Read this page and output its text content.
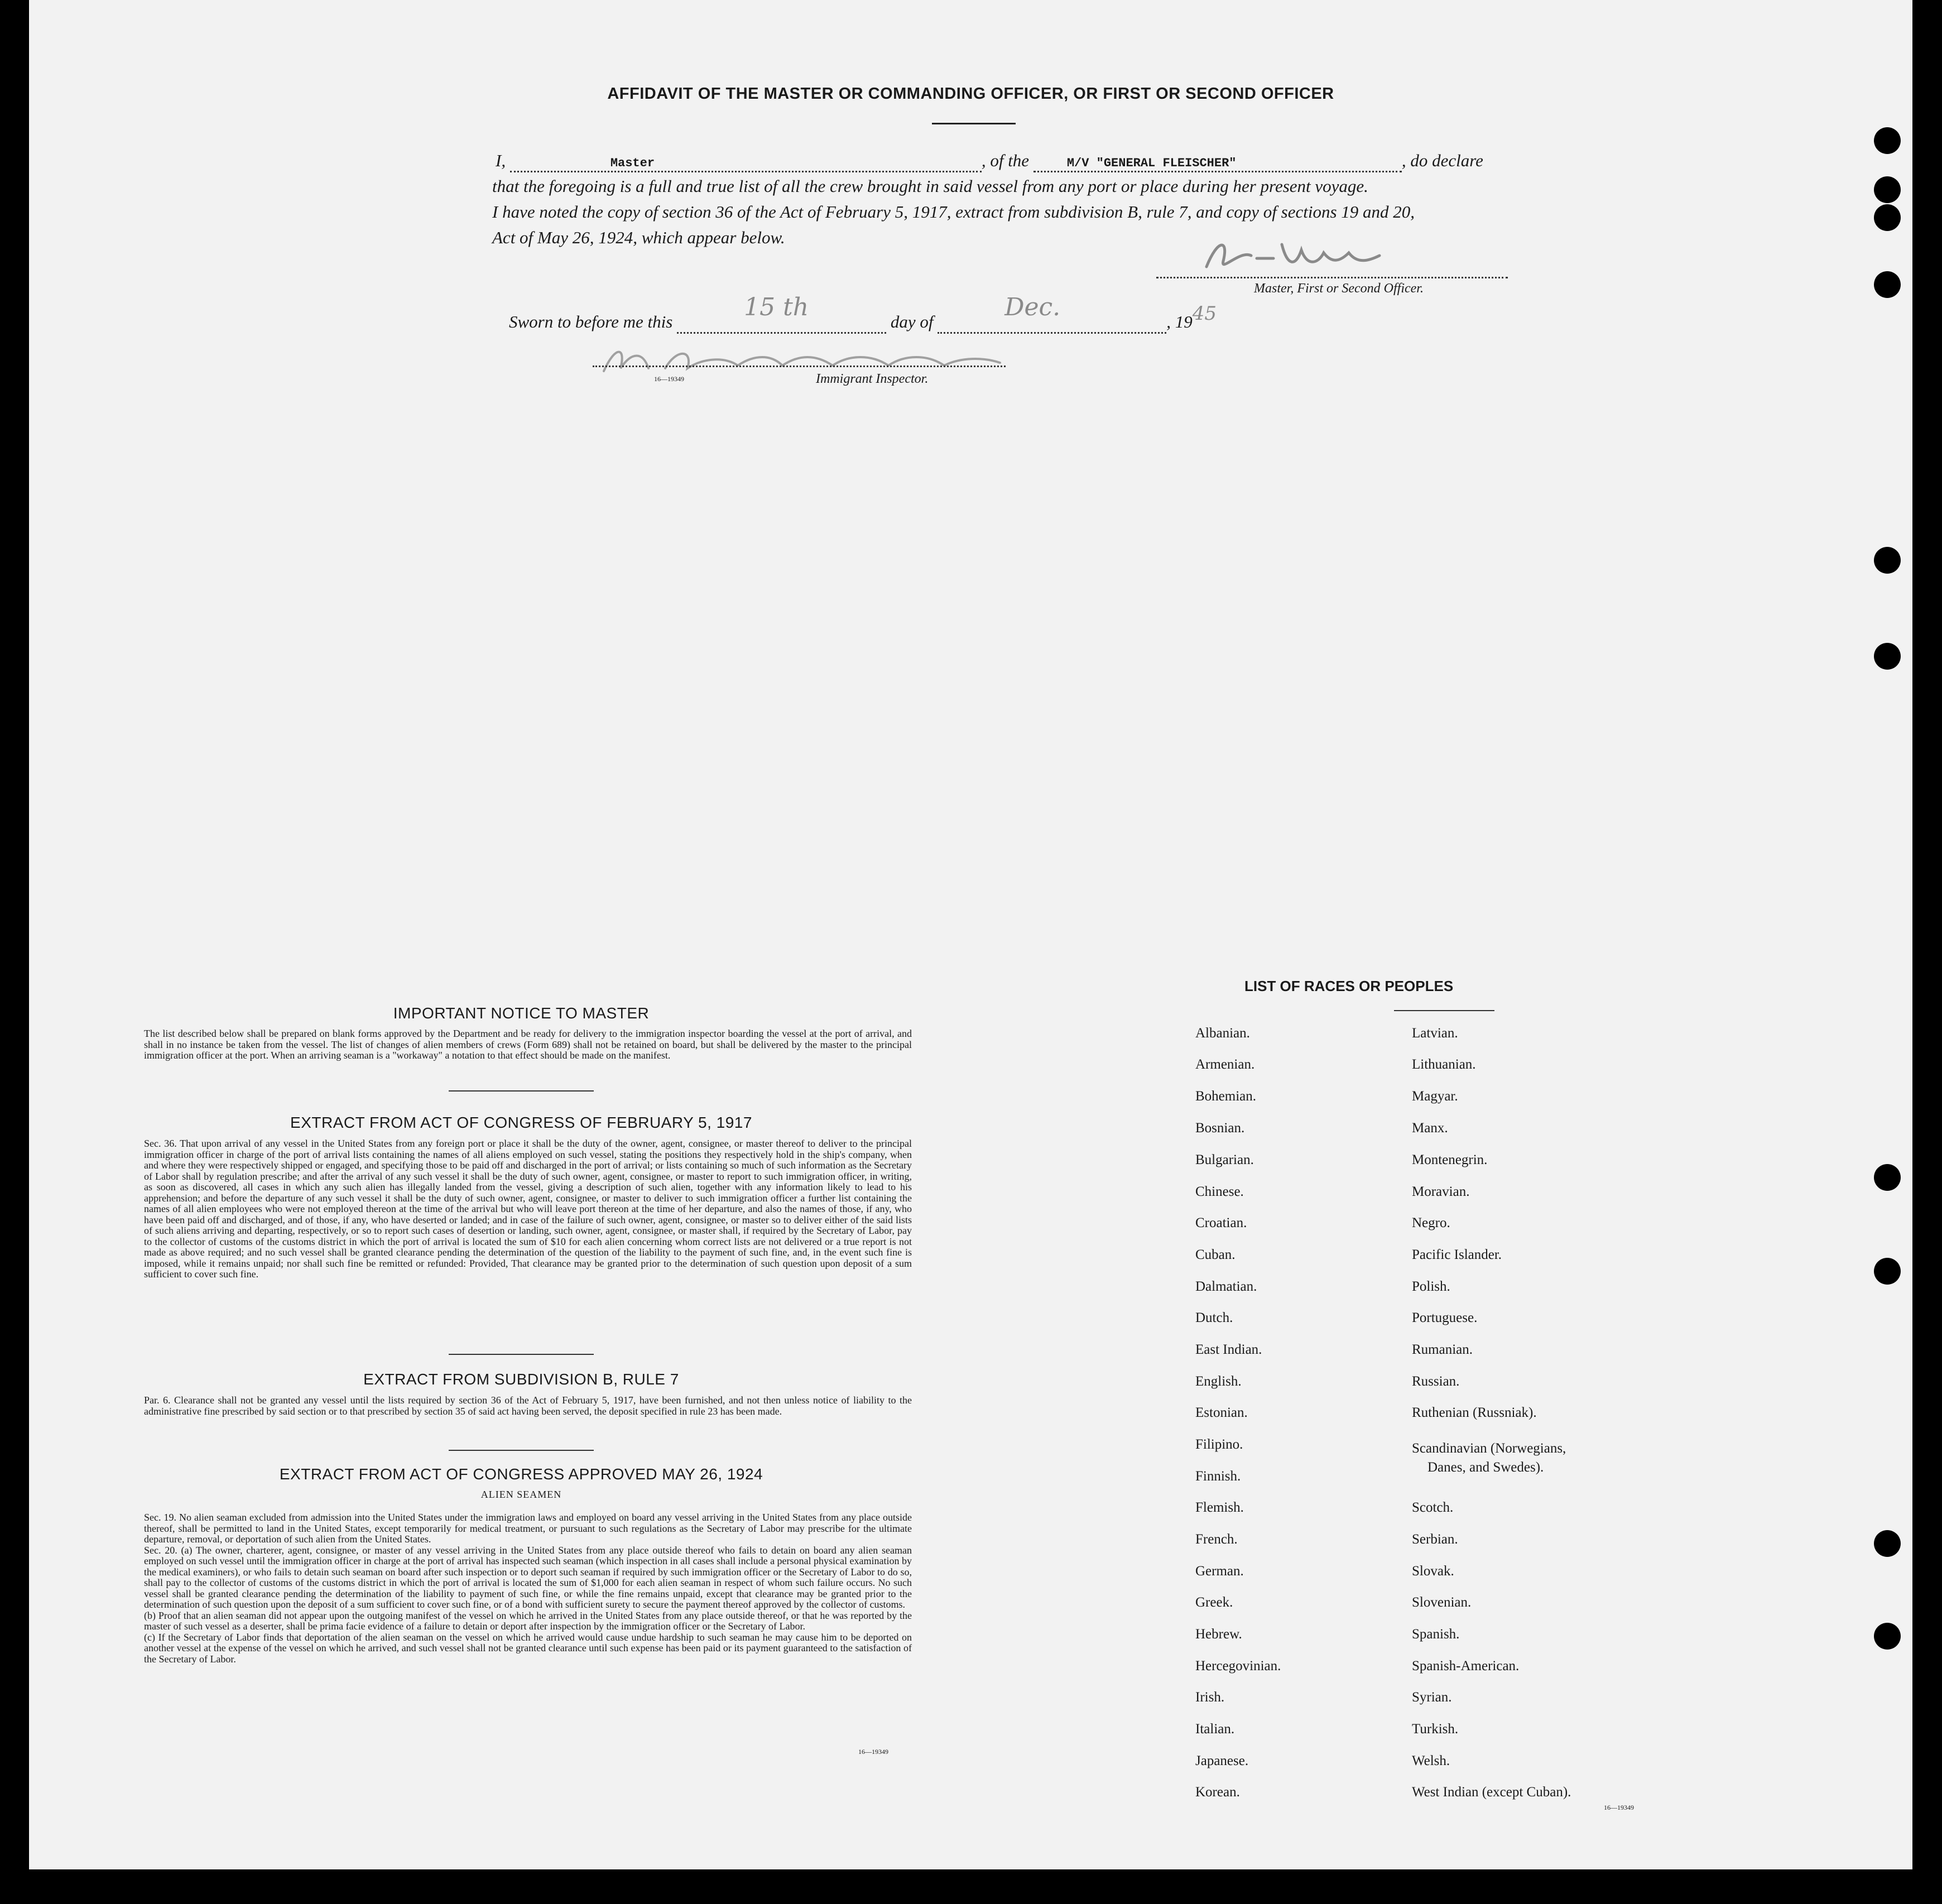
AFFIDAVIT OF THE MASTER OR COMMANDING OFFICER, OR FIRST OR SECOND OFFICER
I,	Master	, of the	M/V "GENERAL FLEISCHER"	, do declare
that the foregoing is a full and true list of all the crew brought in said vessel from any port or place during her present voyage.
I have noted the copy of section 36 of the Act of February 5, 1917, extract from subdivision B, rule 7, and copy of sections 19 and 20,
Act of May 26, 1924, which appear below.
Master, First or Second Officer.
Sworn to before me this
15 th
day of
Dec.
, 1945
16—19349	Immigrant Inspector.
IMPORTANT NOTICE TO MASTER
The list described below shall be prepared on blank forms approved by the Department and be ready for delivery to the immigration inspector boarding the vessel at the port of arrival, and shall in no instance be taken from the vessel. The list of changes of alien members of crews (Form 689) shall not be retained on board, but shall be delivered by the master to the principal immigration officer at the port. When an arriving seaman is a "workaway" a notation to that effect should be made on the manifest.
EXTRACT FROM ACT OF CONGRESS OF FEBRUARY 5, 1917
Sec. 36. That upon arrival of any vessel in the United States from any foreign port or place it shall be the duty of the owner, agent, consignee, or master thereof to deliver to the principal immigration officer in charge of the port of arrival lists containing the names of all aliens employed on such vessel, stating the positions they respectively hold in the ship's company, when and where they were respectively shipped or engaged, and specifying those to be paid off and discharged in the port of arrival; or lists containing so much of such information as the Secretary of Labor shall by regulation prescribe; and after the arrival of any such vessel it shall be the duty of such owner, agent, consignee, or master to report to such immigration officer, in writing, as soon as discovered, all cases in which any such alien has illegally landed from the vessel, giving a description of such alien, together with any information likely to lead to his apprehension; and before the departure of any such vessel it shall be the duty of such owner, agent, consignee, or master to deliver to such immigration officer a further list containing the names of all alien employees who were not employed thereon at the time of the arrival but who will leave port thereon at the time of her departure, and also the names of those, if any, who have been paid off and discharged, and of those, if any, who have deserted or landed; and in case of the failure of such owner, agent, consignee, or master so to deliver either of the said lists of such aliens arriving and departing, respectively, or so to report such cases of desertion or landing, such owner, agent, consignee, or master shall, if required by the Secretary of Labor, pay to the collector of customs of the customs district in which the port of arrival is located the sum of $10 for each alien concerning whom correct lists are not delivered or a true report is not made as above required; and no such vessel shall be granted clearance pending the determination of the question of the liability to the payment of such fine, and, in the event such fine is imposed, while it remains unpaid; nor shall such fine be remitted or refunded: Provided, That clearance may be granted prior to the determination of such question upon deposit of a sum sufficient to cover such fine.
EXTRACT FROM SUBDIVISION B, RULE 7
Par. 6. Clearance shall not be granted any vessel until the lists required by section 36 of the Act of February 5, 1917, have been furnished, and not then unless notice of liability to the administrative fine prescribed by said section or to that prescribed by section 35 of said act having been served, the deposit specified in rule 23 has been made.
EXTRACT FROM ACT OF CONGRESS APPROVED MAY 26, 1924
ALIEN SEAMEN
Sec. 19. No alien seaman excluded from admission into the United States under the immigration laws and employed on board any vessel arriving in the United States from any place outside thereof, shall be permitted to land in the United States, except temporarily for medical treatment, or pursuant to such regulations as the Secretary of Labor may prescribe for the ultimate departure, removal, or deportation of such alien from the United States.
Sec. 20. (a) The owner, charterer, agent, consignee, or master of any vessel arriving in the United States from any place outside thereof who fails to detain on board any alien seaman employed on such vessel until the immigration officer in charge at the port of arrival has inspected such seaman (which inspection in all cases shall include a personal physical examination by the medical examiners), or who fails to detain such seaman on board after such inspection or to deport such seaman if required by such immigration officer or the Secretary of Labor to do so, shall pay to the collector of customs of the customs district in which the port of arrival is located the sum of $1,000 for each alien seaman in respect of whom such failure occurs. No such vessel shall be granted clearance pending the determination of the liability to payment of such fine, or while the fine remains unpaid, except that clearance may be granted prior to the determination of such question upon the deposit of a sum sufficient to cover such fine, or of a bond with sufficient surety to secure the payment thereof approved by the collector of customs.
(b) Proof that an alien seaman did not appear upon the outgoing manifest of the vessel on which he arrived in the United States from any place outside thereof, or that he was reported by the master of such vessel as a deserter, shall be prima facie evidence of a failure to detain or deport after inspection by the immigration officer or the Secretary of Labor.
(c) If the Secretary of Labor finds that deportation of the alien seaman on the vessel on which he arrived would cause undue hardship to such seaman he may cause him to be deported on another vessel at the expense of the vessel on which he arrived, and such vessel shall not be granted clearance until such expense has been paid or its payment guaranteed to the satisfaction of the Secretary of Labor.
16—19349
LIST OF RACES OR PEOPLES
Albanian.
Armenian.
Bohemian.
Bosnian.
Bulgarian.
Chinese.
Croatian.
Cuban.
Dalmatian.
Dutch.
East Indian.
English.
Estonian.
Filipino.
Finnish.
Flemish.
French.
German.
Greek.
Hebrew.
Hercegovinian.
Irish.
Italian.
Japanese.
Korean.
Latvian.
Lithuanian.
Magyar.
Manx.
Montenegrin.
Moravian.
Negro.
Pacific Islander.
Polish.
Portuguese.
Rumanian.
Russian.
Ruthenian (Russniak).
Scandinavian (Norwegians,
Danes, and Swedes).
Scotch.
Serbian.
Slovak.
Slovenian.
Spanish.
Spanish-American.
Syrian.
Turkish.
Welsh.
West Indian (except Cuban).
16—19349
